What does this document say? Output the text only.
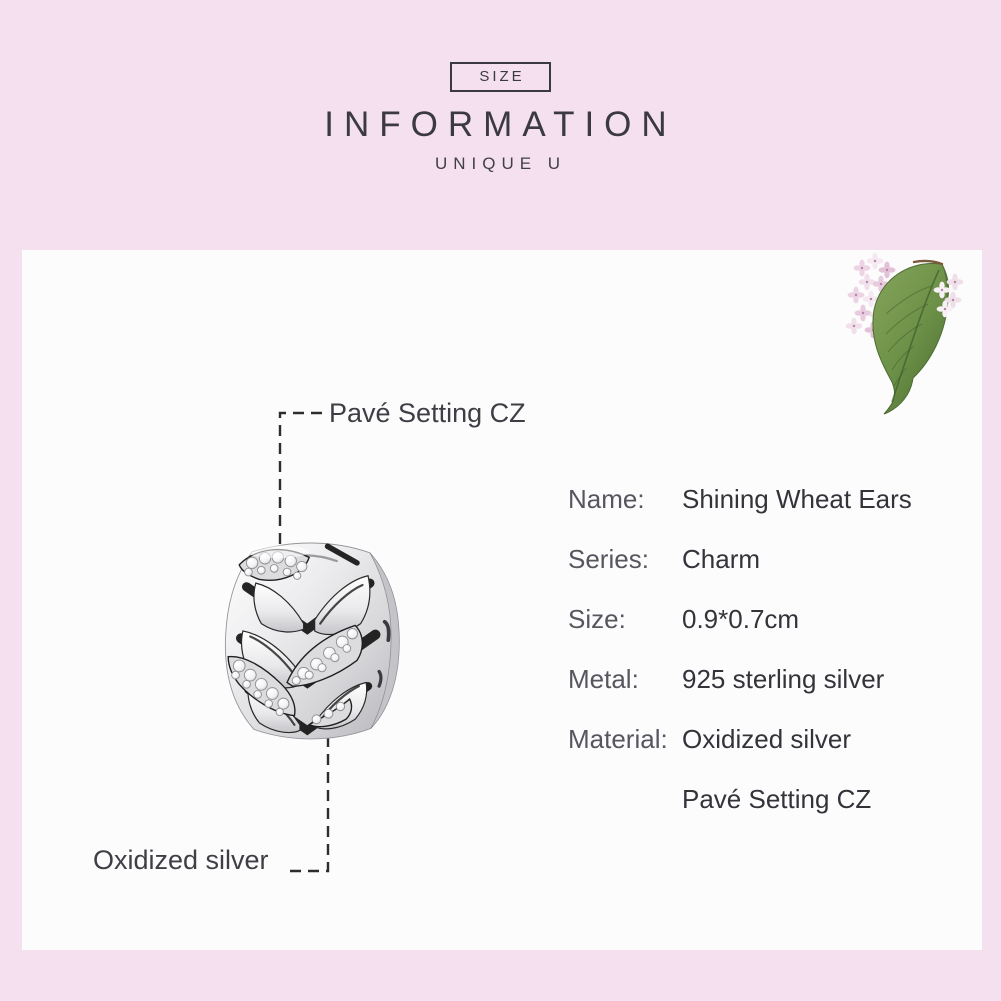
SIZE
INFORMATION
UNIQUE U
Pavé Setting CZ
Oxidized silver
Name: Shining Wheat Ears
Series: Charm
Size: 0.9*0.7cm
Metal: 925 sterling silver
Material: Oxidized silver
Pavé Setting CZ
